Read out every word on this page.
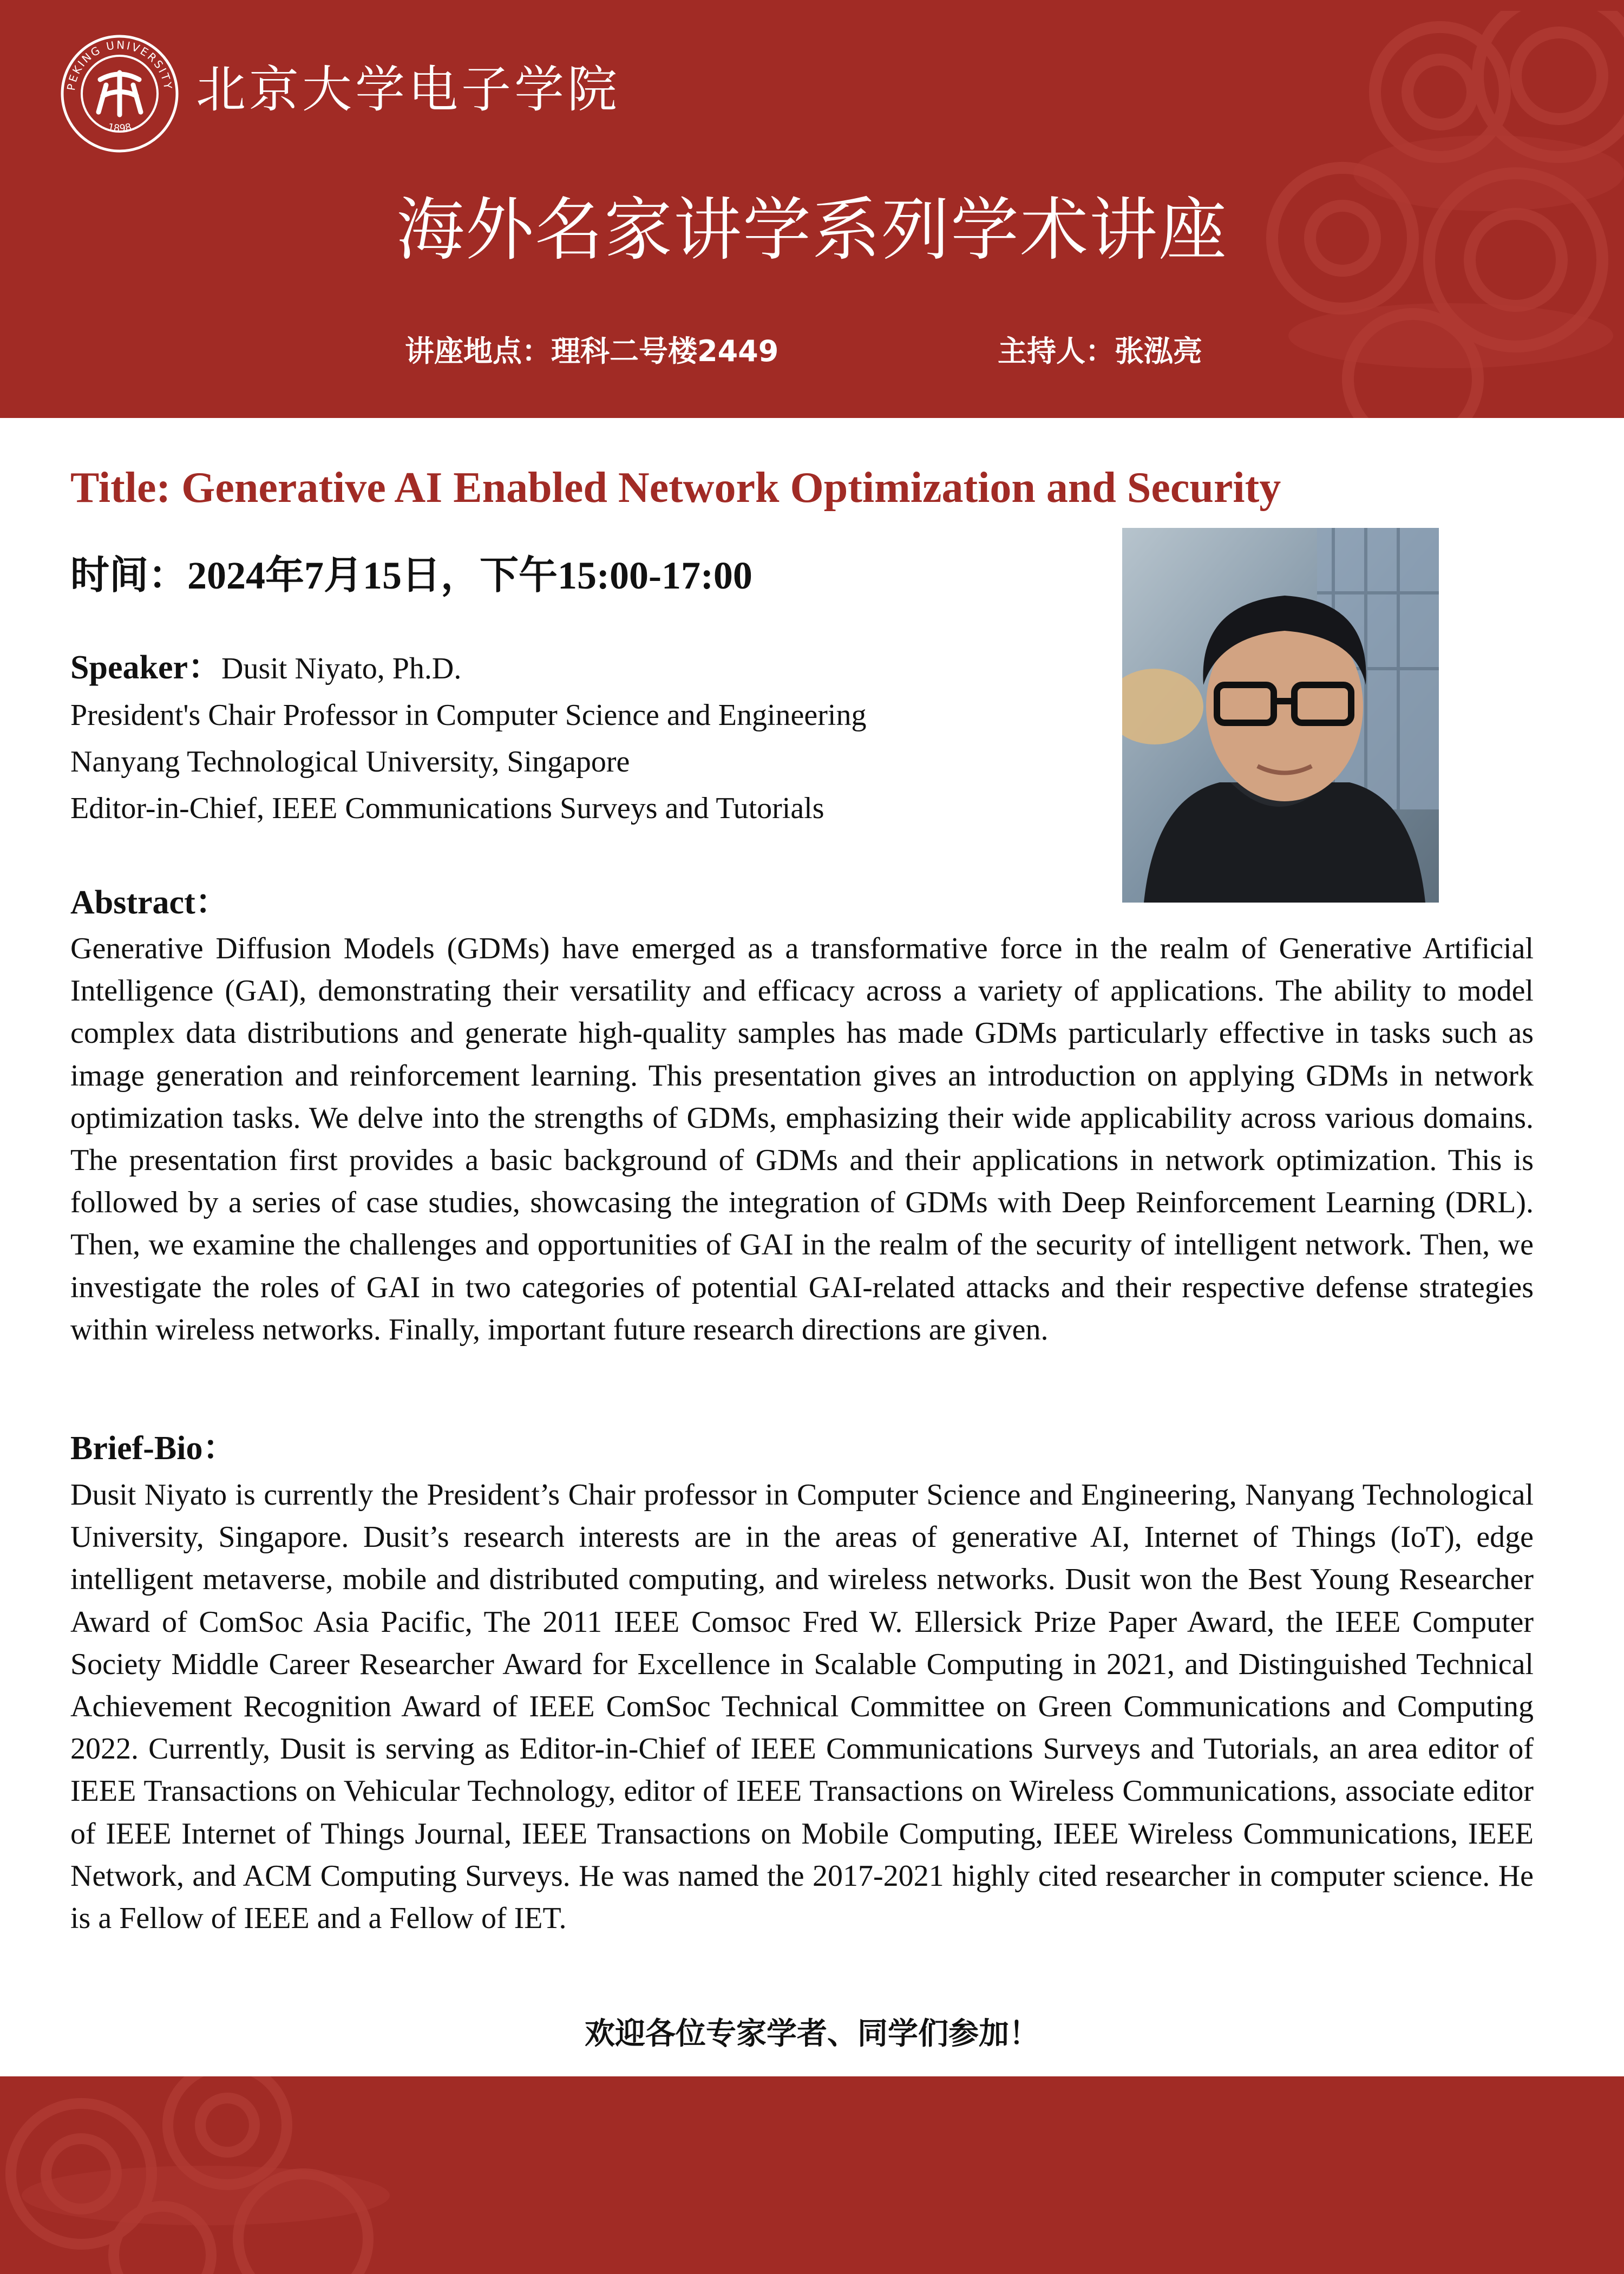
PEKING UNIVERSITY
1898
北京大学电子学院
海外名家讲学系列学术讲座
讲座地点：理科二号楼2449	主持人：张泓亮
Title: Generative AI Enabled Network Optimization and Security
时间：2024年7月15日，下午15:00-17:00
Speaker：Dusit Niyato, Ph.D.
President's Chair Professor in Computer Science and Engineering
Nanyang Technological University, Singapore
Editor-in-Chief, IEEE Communications Surveys and Tutorials
Abstract：
Generative Diffusion Models (GDMs) have emerged as a transformative force in the realm of Generative Artificial Intelligence (GAI), demonstrating their versatility and efficacy across a variety of applications. The ability to model complex data distributions and generate high-quality samples has made GDMs particularly effective in tasks such as image generation and reinforcement learning. This presentation gives an introduction on applying GDMs in network optimization tasks. We delve into the strengths of GDMs, emphasizing their wide applicability across various domains. The presentation first provides a basic background of GDMs and their applications in network optimization. This is followed by a series of case studies, showcasing the integration of GDMs with Deep Reinforcement Learning (DRL). Then, we examine the challenges and opportunities of GAI in the realm of the security of intelligent network. Then, we investigate the roles of GAI in two categories of potential GAI-related attacks and their respective defense strategies within wireless networks. Finally, important future research directions are given.
Brief-Bio：
Dusit Niyato is currently the President’s Chair professor in Computer Science and Engineering, Nanyang Technological University, Singapore. Dusit’s research interests are in the areas of generative AI, Internet of Things (IoT), edge intelligent metaverse, mobile and distributed computing, and wireless networks. Dusit won the Best Young Researcher Award of ComSoc Asia Pacific, The 2011 IEEE Comsoc Fred W. Ellersick Prize Paper Award, the IEEE Computer Society Middle Career Researcher Award for Excellence in Scalable Computing in 2021, and Distinguished Technical Achievement Recognition Award of IEEE ComSoc Technical Committee on Green Communications and Computing 2022. Currently, Dusit is serving as Editor-in-Chief of IEEE Communications Surveys and Tutorials, an area editor of IEEE Transactions on Vehicular Technology, editor of IEEE Transactions on Wireless Communications, associate editor of IEEE Internet of Things Journal, IEEE Transactions on Mobile Computing, IEEE Wireless Communications, IEEE Network, and ACM Computing Surveys. He was named the 2017-2021 highly cited researcher in computer science. He is a Fellow of IEEE and a Fellow of IET.
欢迎各位专家学者、同学们参加！
